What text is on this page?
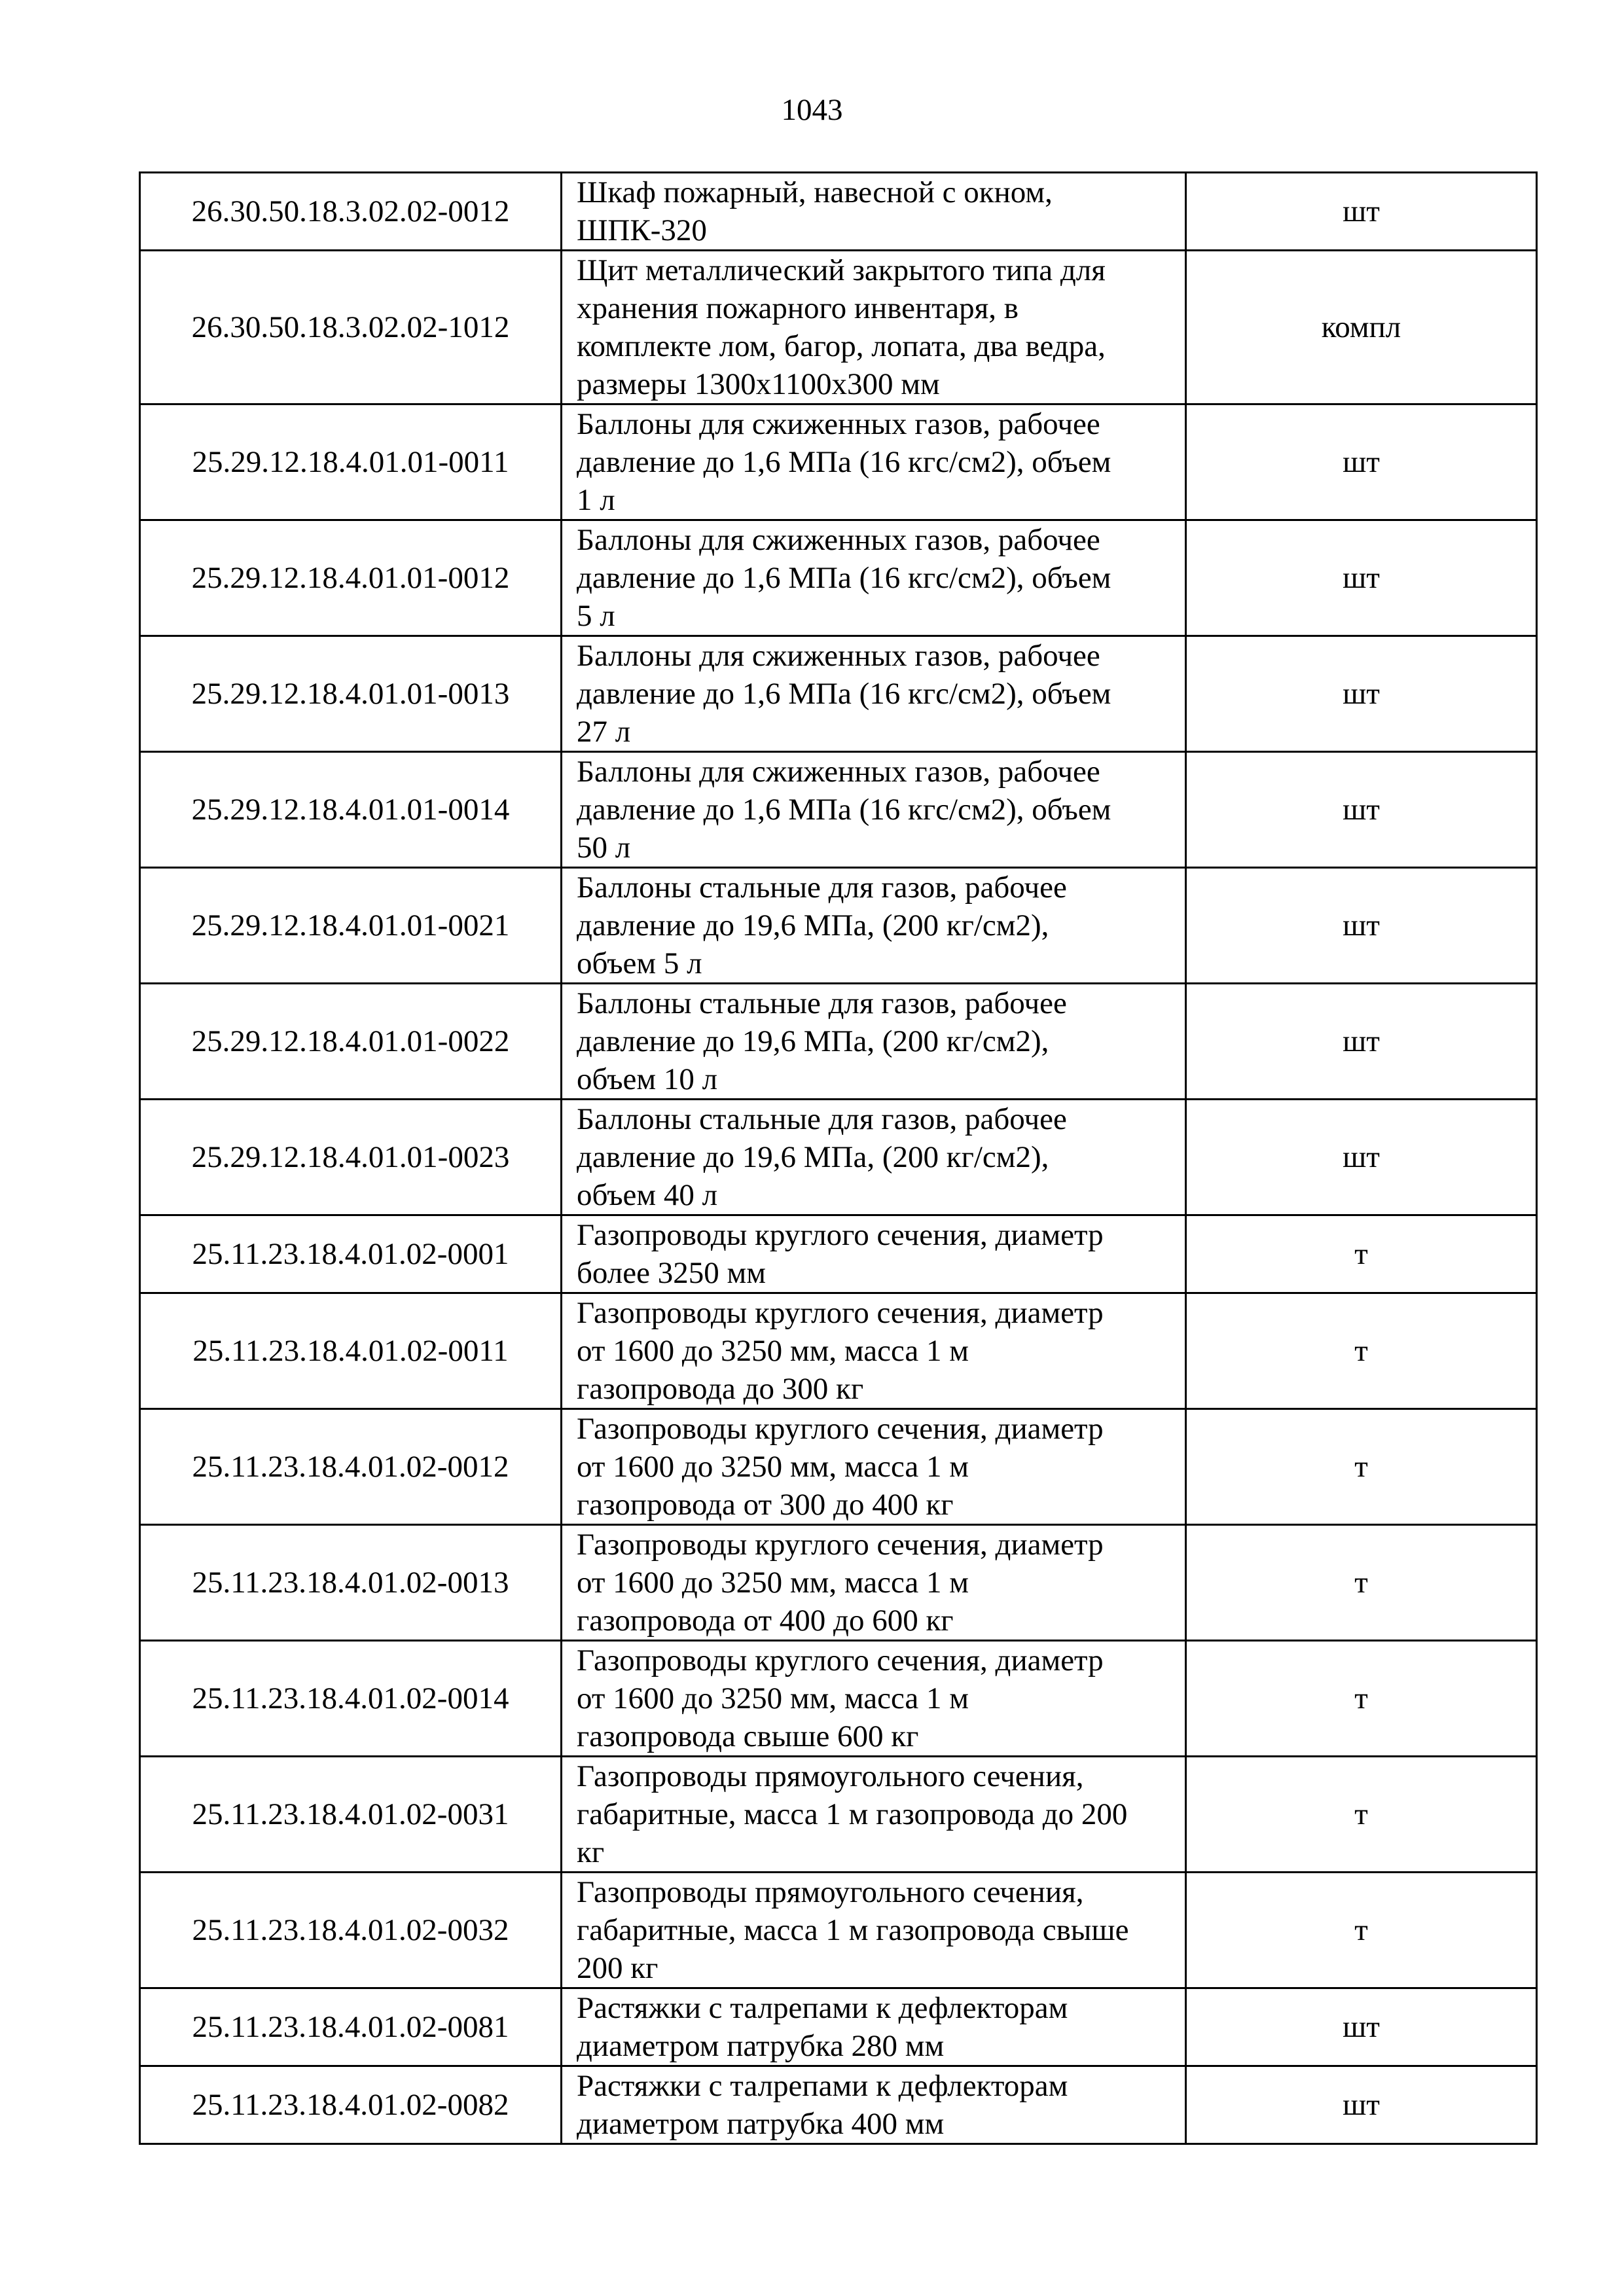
1043
26.30.50.18.3.02.02-0012	Шкаф пожарный, навесной с окном,
ШПК-320	шт
26.30.50.18.3.02.02-1012	Щит металлический закрытого типа для
хранения пожарного инвентаря, в
комплекте лом, багор, лопата, два ведра,
размеры 1300х1100х300 мм	компл
25.29.12.18.4.01.01-0011	Баллоны для сжиженных газов, рабочее
давление до 1,6 МПа (16 кгс/см2), объем
1 л	шт
25.29.12.18.4.01.01-0012	Баллоны для сжиженных газов, рабочее
давление до 1,6 МПа (16 кгс/см2), объем
5 л	шт
25.29.12.18.4.01.01-0013	Баллоны для сжиженных газов, рабочее
давление до 1,6 МПа (16 кгс/см2), объем
27 л	шт
25.29.12.18.4.01.01-0014	Баллоны для сжиженных газов, рабочее
давление до 1,6 МПа (16 кгс/см2), объем
50 л	шт
25.29.12.18.4.01.01-0021	Баллоны стальные для газов, рабочее
давление до 19,6 МПа, (200 кг/см2),
объем 5 л	шт
25.29.12.18.4.01.01-0022	Баллоны стальные для газов, рабочее
давление до 19,6 МПа, (200 кг/см2),
объем 10 л	шт
25.29.12.18.4.01.01-0023	Баллоны стальные для газов, рабочее
давление до 19,6 МПа, (200 кг/см2),
объем 40 л	шт
25.11.23.18.4.01.02-0001	Газопроводы круглого сечения, диаметр
более 3250 мм	т
25.11.23.18.4.01.02-0011	Газопроводы круглого сечения, диаметр
от 1600 до 3250 мм, масса 1 м
газопровода до 300 кг	т
25.11.23.18.4.01.02-0012	Газопроводы круглого сечения, диаметр
от 1600 до 3250 мм, масса 1 м
газопровода от 300 до 400 кг	т
25.11.23.18.4.01.02-0013	Газопроводы круглого сечения, диаметр
от 1600 до 3250 мм, масса 1 м
газопровода от 400 до 600 кг	т
25.11.23.18.4.01.02-0014	Газопроводы круглого сечения, диаметр
от 1600 до 3250 мм, масса 1 м
газопровода свыше 600 кг	т
25.11.23.18.4.01.02-0031	Газопроводы прямоугольного сечения,
габаритные, масса 1 м газопровода до 200
кг	т
25.11.23.18.4.01.02-0032	Газопроводы прямоугольного сечения,
габаритные, масса 1 м газопровода свыше
200 кг	т
25.11.23.18.4.01.02-0081	Растяжки с талрепами к дефлекторам
диаметром патрубка 280 мм	шт
25.11.23.18.4.01.02-0082	Растяжки с талрепами к дефлекторам
диаметром патрубка 400 мм	шт
